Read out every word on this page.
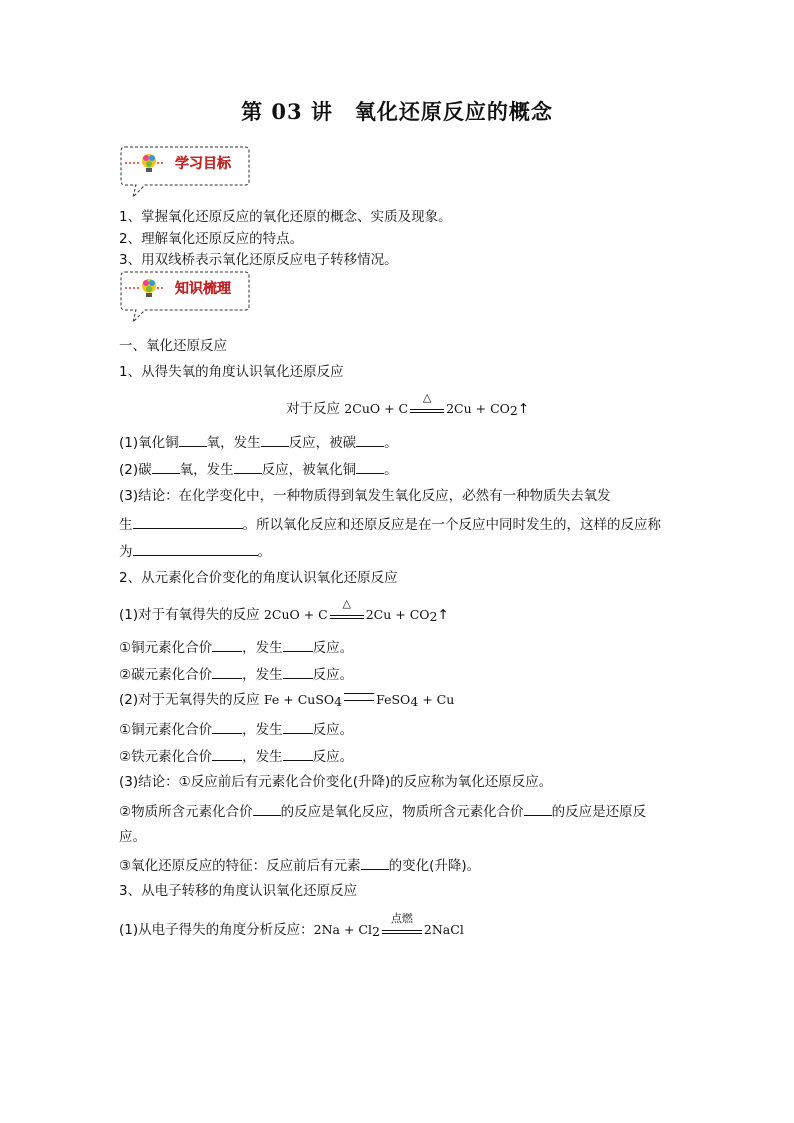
第 03 讲　氧化还原反应的概念
学习目标
1、掌握氧化还原反应的氧化还原的概念、实质及现象。
2、理解氧化还原反应的特点。
3、用双线桥表示氧化还原反应电子转移情况。
知识梳理
一、氧化还原反应
1、从得失氧的角度认识氧化还原反应
对于反应 2CuO + C
△
$2Cu + CO_2↑$
(1)氧化铜 氧，发生 反应，被碳 。
(2)碳 氧，发生 反应，被氧化铜 。
(3)结论：在化学变化中，一种物质得到氧发生氧化反应，必然有一种物质失去氧发
生	。所以氧化反应和还原反应是在一个反应中同时发生的，这样的反应称
为	。
2、从元素化合价变化的角度认识氧化还原反应
(1)对于有氧得失的反应 2CuO + C
△
$2Cu + CO_2↑$
①铜元素化合价 ，发生 反应。
②碳元素化合价 ，发生 反应。
(2)对于无氧得失的反应 Fe + CuSO$_4$	FeSO$_4$ + Cu
①铜元素化合价 ，发生 反应。
②铁元素化合价 ，发生 反应。
(3)结论：①反应前后有元素化合价变化(升降)的反应称为氧化还原反应。
②物质所含元素化合价 的反应是氧化反应，物质所含元素化合价 的反应是还原反
应。
③氧化还原反应的特征：反应前后有元素 的变化(升降)。
3、从电子转移的角度认识氧化还原反应
(1)从电子得失的角度分析反应：$2Na + Cl_2$
点燃
2NaCl
